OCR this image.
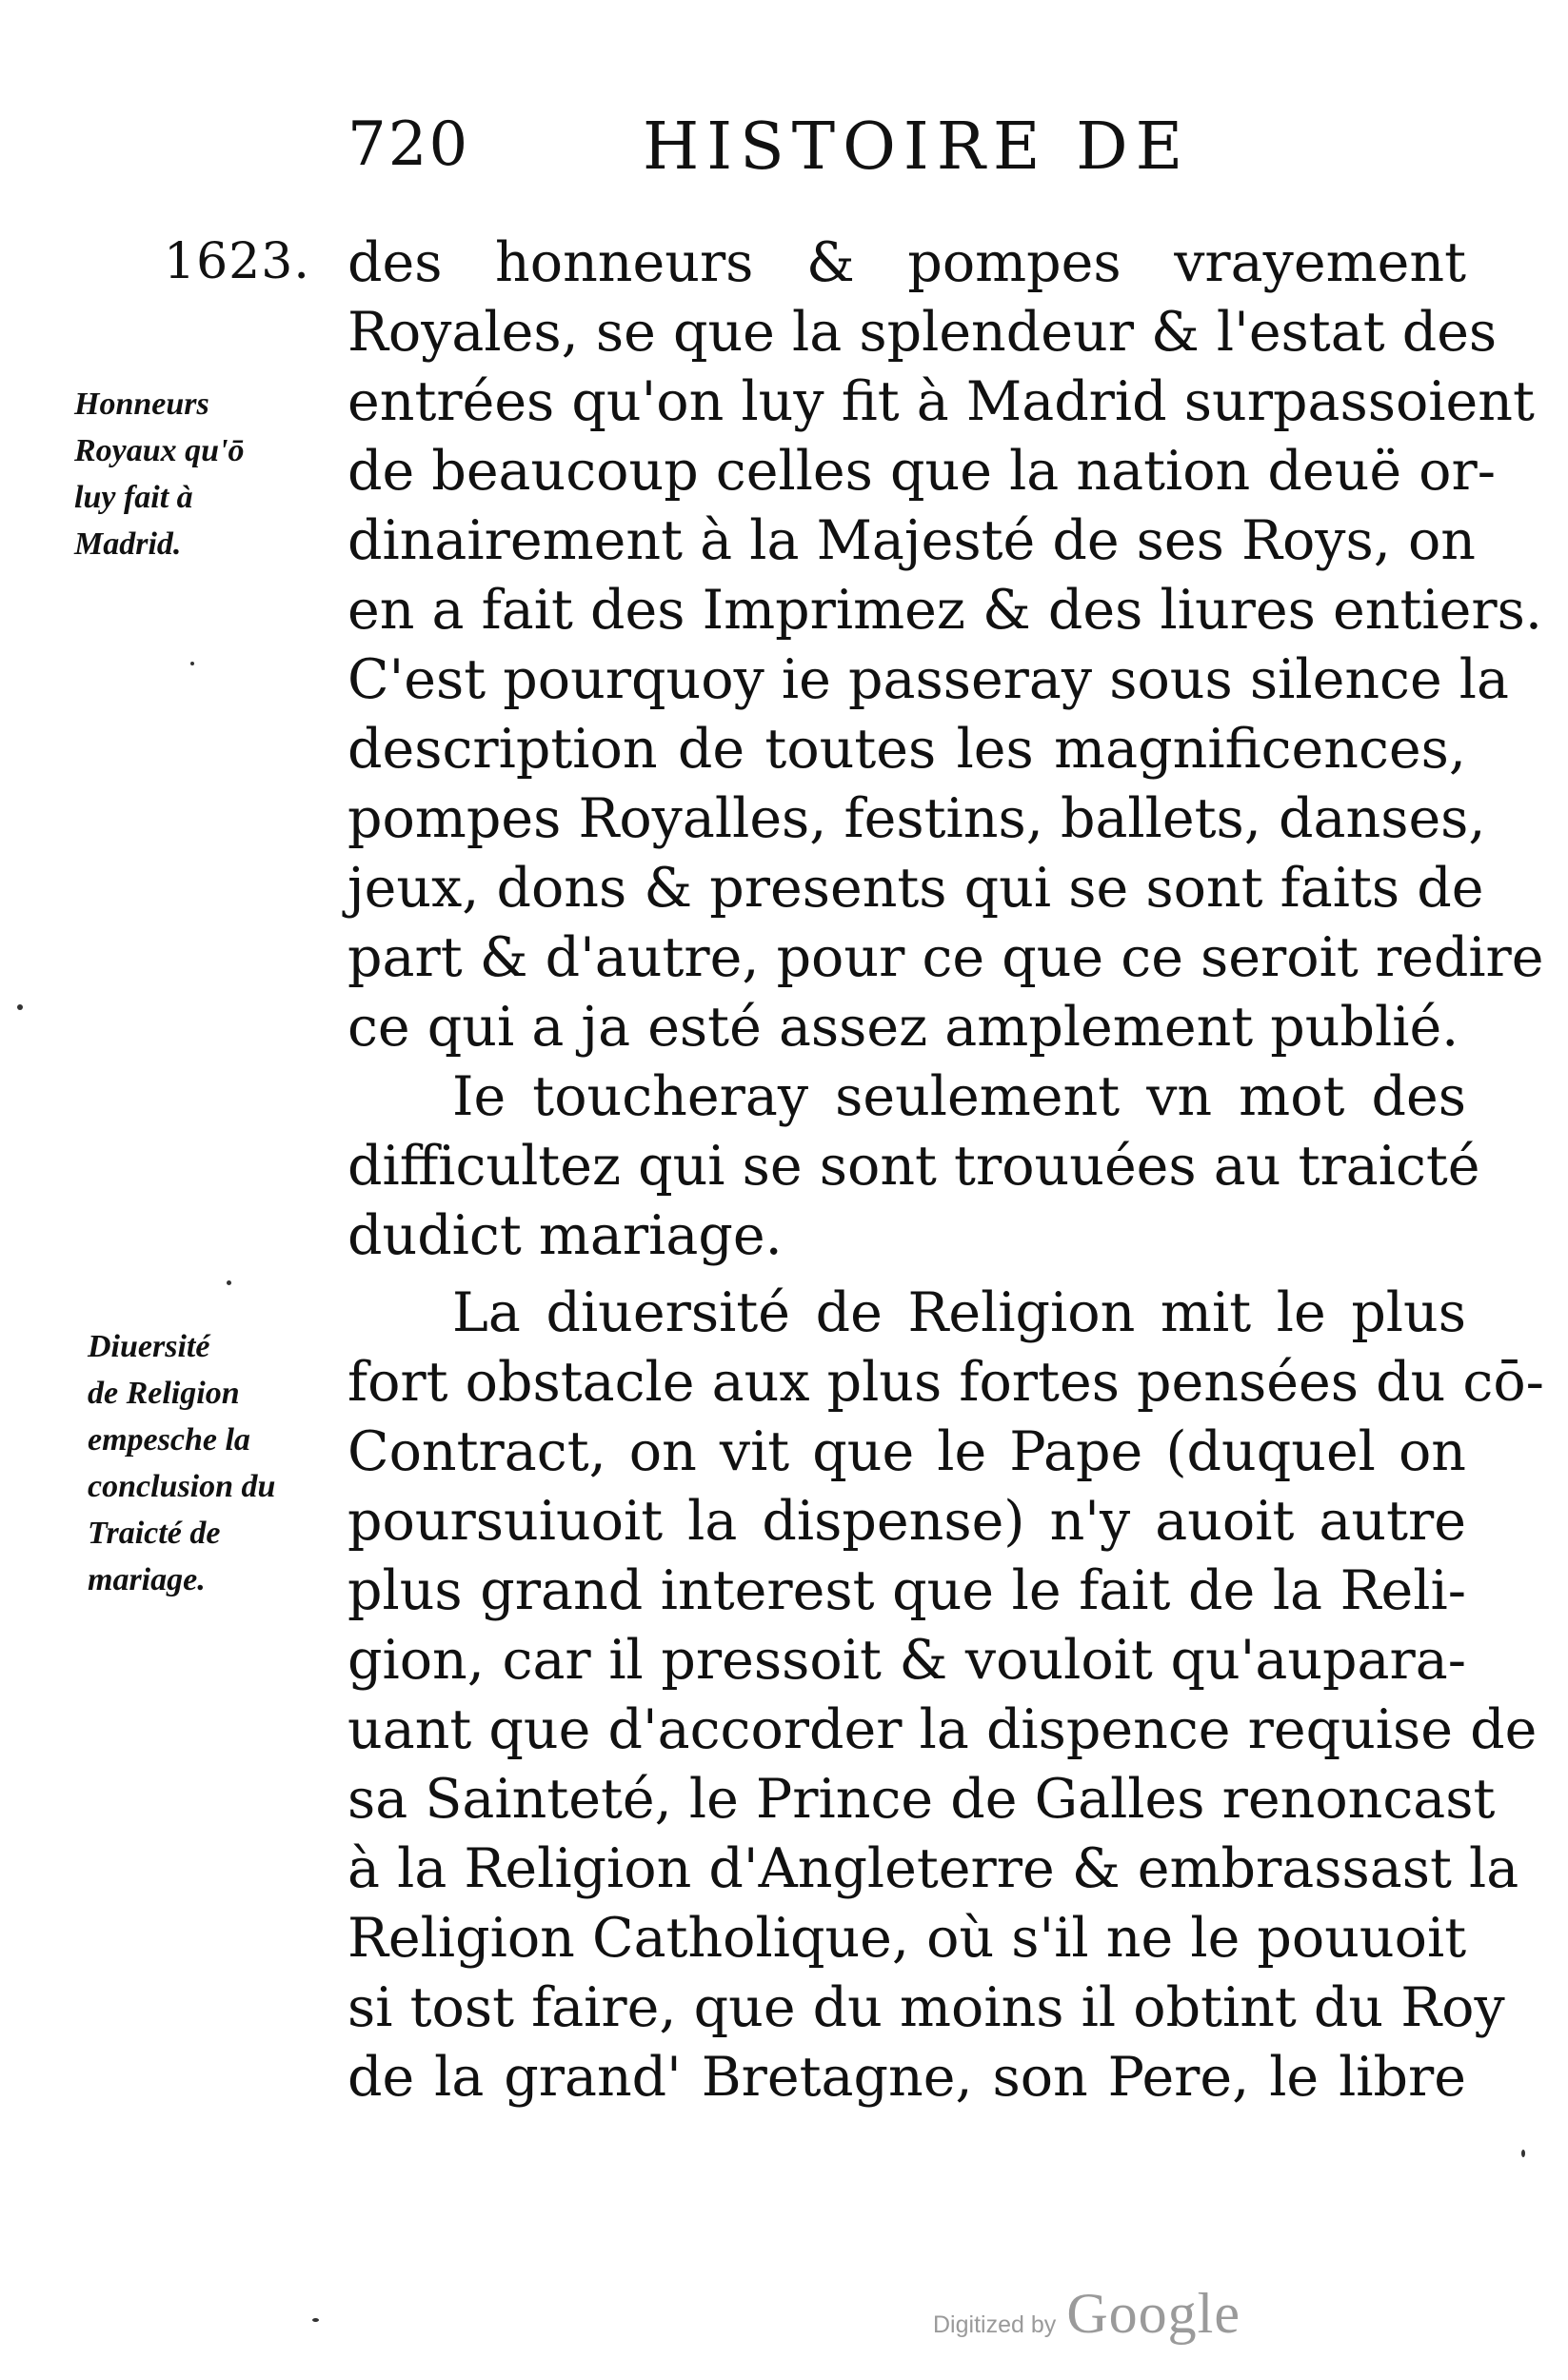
720	HISTOIRE DE
1623.
Honneurs
Royaux qu'ō
luy fait à
Madrid.
Diuersité
de Religion
empesche la
conclusion du
Traicté de
mariage.
des honneurs & pompes vrayement
Royales, se que la splendeur & l'estat des
entrées qu'on luy fit à Madrid surpassoient
de beaucoup celles que la nation deuë or-
dinairement à la Majesté de ses Roys, on
en a fait des Imprimez & des liures entiers.
C'est pourquoy ie passeray sous silence la
description de toutes les magnificences,
pompes Royalles, festins, ballets, danses,
jeux, dons & presents qui se sont faits de
part & d'autre, pour ce que ce seroit redire
ce qui a ja esté assez amplement publié.
Ie toucheray seulement vn mot des
difficultez qui se sont trouuées au traicté
dudict mariage.
La diuersité de Religion mit le plus
fort obstacle aux plus fortes pensées du cō-
Contract, on vit que le Pape (duquel on
poursuiuoit la dispense) n'y auoit autre
plus grand interest que le fait de la Reli-
gion, car il pressoit & vouloit qu'aupara-
uant que d'accorder la dispence requise de
sa Sainteté, le Prince de Galles renoncast
à la Religion d'Angleterre & embrassast la
Religion Catholique, où s'il ne le pouuoit
si tost faire, que du moins il obtint du Roy
de la grand' Bretagne, son Pere, le libre
Digitized by Google
